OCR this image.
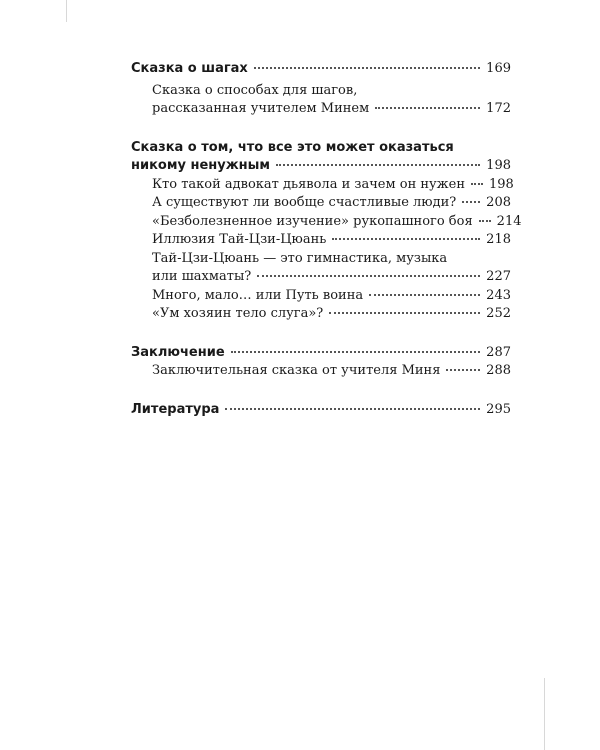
Сказка о шагах	169
Сказка о способах для шагов,
рассказанная учителем Минем	172
Сказка о том, что все это может оказаться
никому ненужным	198
Кто такой адвокат дьявола и зачем он нужен 198
А существуют ли вообще счастливые люди? 208
«Безболезненное изучение» рукопашного боя 214
Иллюзия Тай-Цзи-Цюань	218
Тай-Цзи-Цюань — это гимнастика, музыка
или шахматы?	227
Много, мало… или Путь воина	243
«Ум хозяин тело слуга»?	252
Заключение	287
Заключительная сказка от учителя Миня	288
Литература	295
